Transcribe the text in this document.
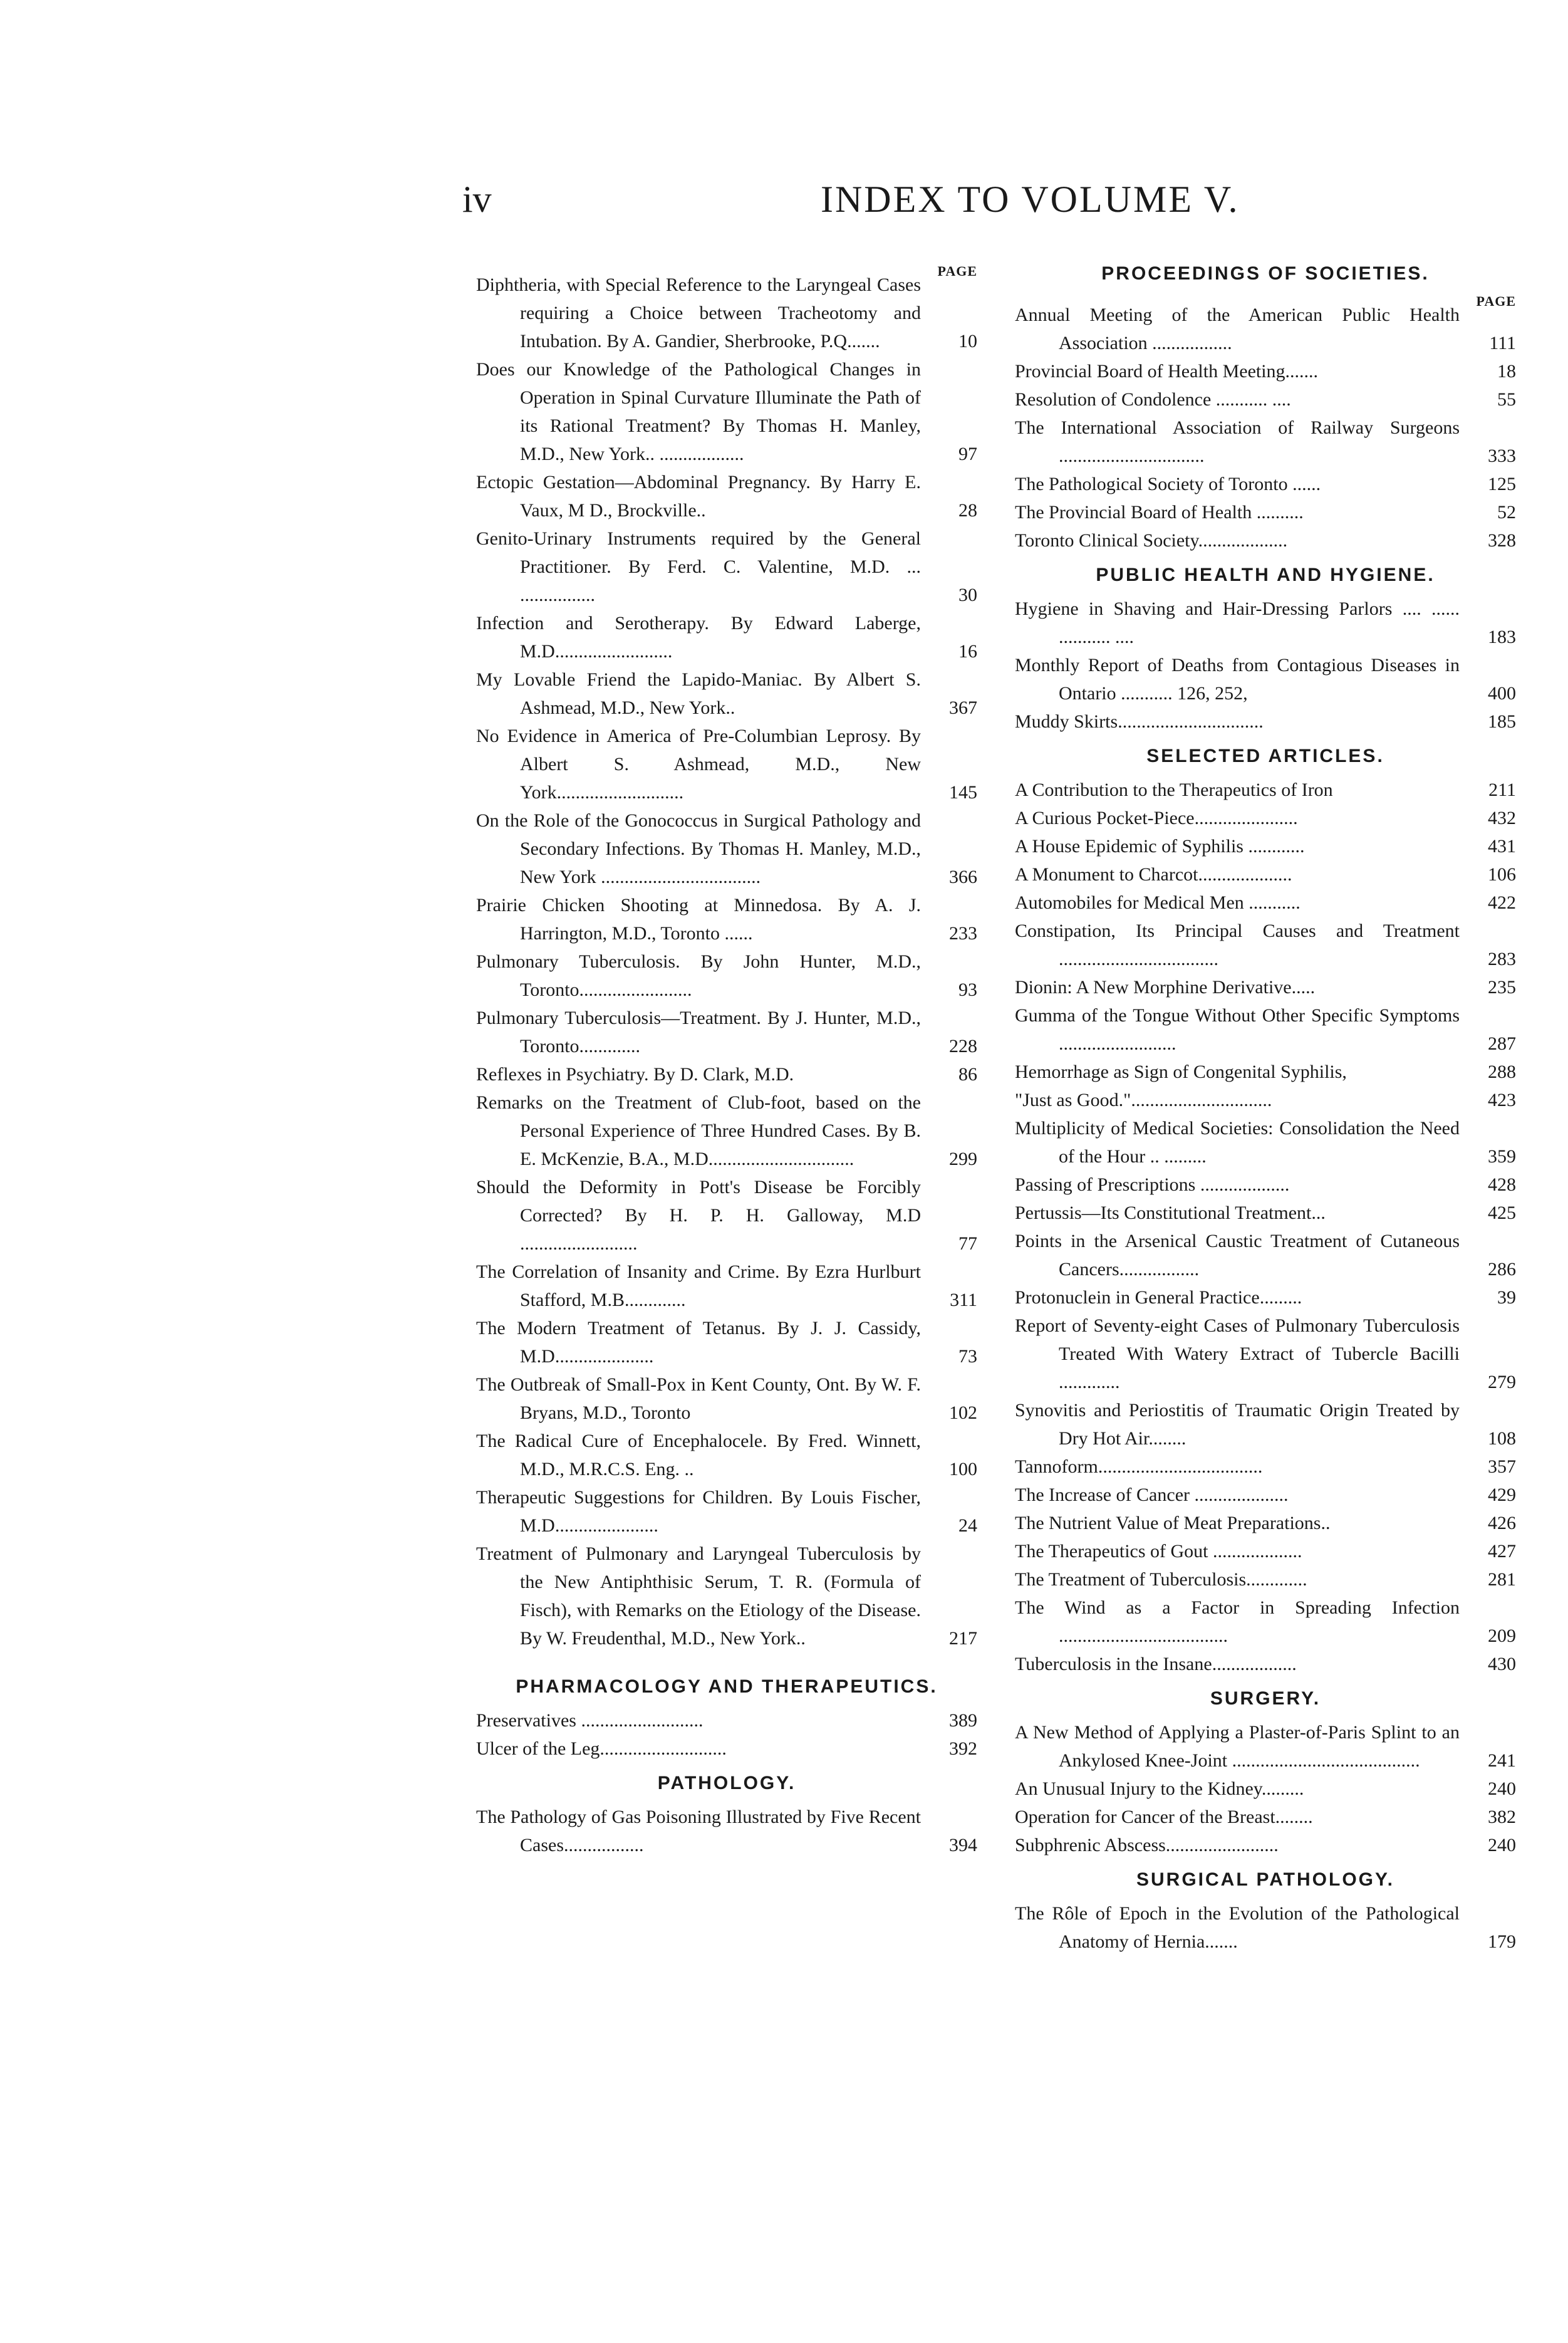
iv	INDEX TO VOLUME V.
PAGE
Diphtheria, with Special Reference to the Laryngeal Cases requiring a Choice between Tracheotomy and Intubation. By A. Gandier, Sherbrooke, P.Q.......	10
Does our Knowledge of the Pathological Changes in Operation in Spinal Curvature Illuminate the Path of its Rational Treatment? By Thomas H. Manley, M.D., New York.. ..................	97
Ectopic Gestation—Abdominal Pregnancy. By Harry E. Vaux, M D., Brockville..	28
Genito-Urinary Instruments required by the General Practitioner. By Ferd. C. Valentine, M.D. ... ................	30
Infection and Serotherapy. By Edward Laberge, M.D.........................	16
My Lovable Friend the Lapido-Maniac. By Albert S. Ashmead, M.D., New York..	367
No Evidence in America of Pre-Columbian Leprosy. By Albert S. Ashmead, M.D., New York...........................	145
On the Role of the Gonococcus in Surgical Pathology and Secondary Infections. By Thomas H. Manley, M.D., New York ..................................	366
Prairie Chicken Shooting at Minnedosa. By A. J. Harrington, M.D., Toronto ......	233
Pulmonary Tuberculosis. By John Hunter, M.D., Toronto........................	93
Pulmonary Tuberculosis—Treatment. By J. Hunter, M.D., Toronto.............	228
Reflexes in Psychiatry. By D. Clark, M.D.	86
Remarks on the Treatment of Club-foot, based on the Personal Experience of Three Hundred Cases. By B. E. McKenzie, B.A., M.D...............................	299
Should the Deformity in Pott's Disease be Forcibly Corrected? By H. P. H. Galloway, M.D .........................	77
The Correlation of Insanity and Crime. By Ezra Hurlburt Stafford, M.B.............	311
The Modern Treatment of Tetanus. By J. J. Cassidy, M.D.....................	73
The Outbreak of Small-Pox in Kent County, Ont. By W. F. Bryans, M.D., Toronto	102
The Radical Cure of Encephalocele. By Fred. Winnett, M.D., M.R.C.S. Eng. ..	100
Therapeutic Suggestions for Children. By Louis Fischer, M.D......................	24
Treatment of Pulmonary and Laryngeal Tuberculosis by the New Antiphthisic Serum, T. R. (Formula of Fisch), with Remarks on the Etiology of the Disease. By W. Freudenthal, M.D., New York..	217
PHARMACOLOGY AND THERAPEUTICS.
Preservatives ..........................	389
Ulcer of the Leg...........................	392
PATHOLOGY.
The Pathology of Gas Poisoning Illustrated by Five Recent Cases.................	394
PROCEEDINGS OF SOCIETIES.
PAGE
Annual Meeting of the American Public Health Association .................	111
Provincial Board of Health Meeting.......	18
Resolution of Condolence ........... ....	55
The International Association of Railway Surgeons ...............................	333
The Pathological Society of Toronto ......	125
The Provincial Board of Health ..........	52
Toronto Clinical Society...................	328
PUBLIC HEALTH AND HYGIENE.
Hygiene in Shaving and Hair-Dressing Parlors .... ...... ........... ....	183
Monthly Report of Deaths from Contagious Diseases in Ontario ........... 126, 252,	400
Muddy Skirts...............................	185
SELECTED ARTICLES.
A Contribution to the Therapeutics of Iron	211
A Curious Pocket-Piece......................	432
A House Epidemic of Syphilis ............	431
A Monument to Charcot....................	106
Automobiles for Medical Men ...........	422
Constipation, Its Principal Causes and Treatment ..................................	283
Dionin: A New Morphine Derivative.....	235
Gumma of the Tongue Without Other Specific Symptoms .........................	287
Hemorrhage as Sign of Congenital Syphilis,	288
"Just as Good."..............................	423
Multiplicity of Medical Societies: Consolidation the Need of the Hour .. .........	359
Passing of Prescriptions ...................	428
Pertussis—Its Constitutional Treatment...	425
Points in the Arsenical Caustic Treatment of Cutaneous Cancers.................	286
Protonuclein in General Practice.........	39
Report of Seventy-eight Cases of Pulmonary Tuberculosis Treated With Watery Extract of Tubercle Bacilli .............	279
Synovitis and Periostitis of Traumatic Origin Treated by Dry Hot Air........	108
Tannoform...................................	357
The Increase of Cancer ....................	429
The Nutrient Value of Meat Preparations..	426
The Therapeutics of Gout ...................	427
The Treatment of Tuberculosis.............	281
The Wind as a Factor in Spreading Infection ....................................	209
Tuberculosis in the Insane..................	430
SURGERY.
A New Method of Applying a Plaster-of-Paris Splint to an Ankylosed Knee-Joint ........................................	241
An Unusual Injury to the Kidney.........	240
Operation for Cancer of the Breast........	382
Subphrenic Abscess........................	240
SURGICAL PATHOLOGY.
The Rôle of Epoch in the Evolution of the Pathological Anatomy of Hernia.......	179
